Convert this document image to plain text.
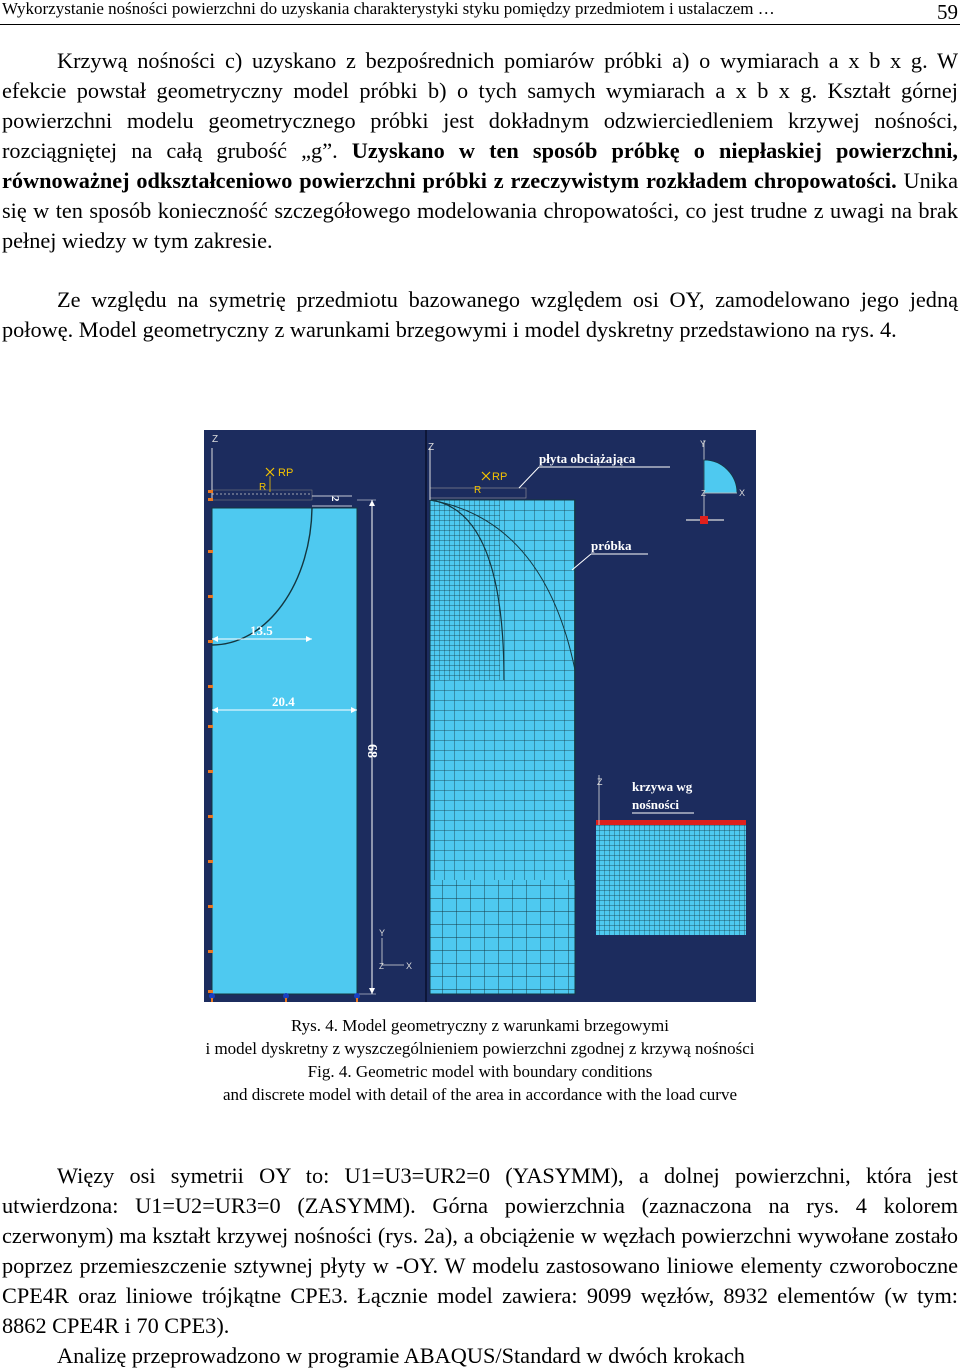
Wykorzystanie nośności powierzchni do uzyskania charakterystyki styku pomiędzy przedmiotem i ustalaczem …	59

Krzywą nośności c) uzyskano z bezpośrednich pomiarów próbki a) o wymiarach a x b x g. W efekcie powstał geometryczny model próbki b) o tych samych wymiarach a x b x g. Kształt górnej powierzchni modelu geometrycznego próbki jest dokładnym odzwierciedleniem krzywej nośności, rozciągniętej na całą grubość „g”. Uzyskano w ten sposób próbkę o niepłaskiej powierzchni, równoważnej odkształceniowo powierzchni próbki z rzeczywistym rozkładem chropowatości. Unika się w ten sposób konieczność szczegółowego modelowania chropowatości, co jest trudne z uwagi na brak pełnej wiedzy w tym zakresie.

Ze względu na symetrię przedmiotu bazowanego względem osi OY, zamodelowano jego jedną połowę. Model geometryczny z warunkami brzegowymi i model dyskretny przedstawiono na rys. 4.

Z
RP
R
2
13.5
20.4
68
Y
Z X
Z
RP
R
płyta obciążająca
próbka
Y
Z	X
Z krzywa wg
nośności
Rys. 4. Model geometryczny z warunkami brzegowymi
i model dyskretny z wyszczególnieniem powierzchni zgodnej z krzywą nośności
Fig. 4. Geometric model with boundary conditions
and discrete model with detail of the area in accordance with the load curve

Więzy osi symetrii OY to: U1=U3=UR2=0 (YASYMM), a dolnej powierzchni, która jest utwierdzona: U1=U2=UR3=0 (ZASYMM). Górna powierzchnia (zaznaczona na rys. 4 kolorem czerwonym) ma kształt krzywej nośności (rys. 2a), a obciążenie w węzłach powierzchni wywołane zostało poprzez przemieszczenie sztywnej płyty w -OY. W modelu zastosowano liniowe elementy czworoboczne CPE4R oraz liniowe trójkątne CPE3. Łącznie model zawiera: 9099 węzłów, 8932 elementów (w tym: 8862 CPE4R i 70 CPE3).

Analizę przeprowadzono w programie ABAQUS/Standard w dwóch krokach
